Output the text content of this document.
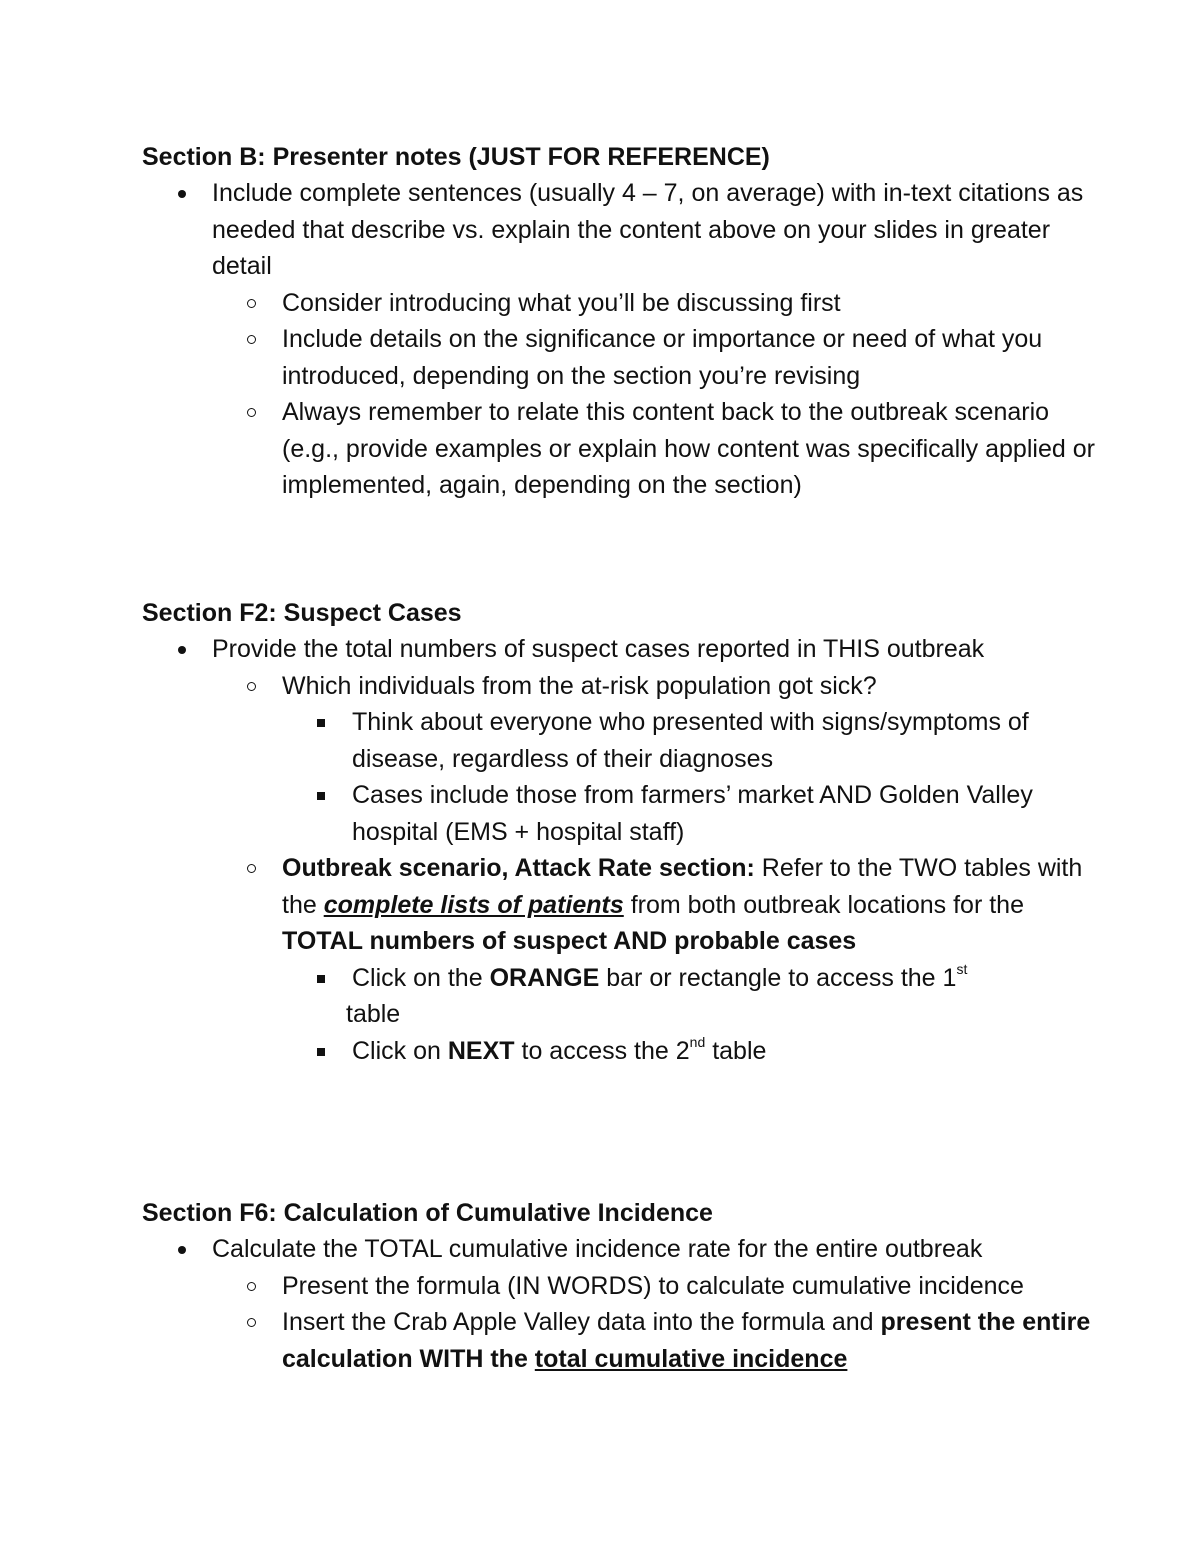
Section B: Presenter notes (JUST FOR REFERENCE)

Include complete sentences (usually 4 – 7, on average) with in-text citations as needed that describe vs. explain the content above on your slides in greater detail
Consider introducing what you’ll be discussing first
Include details on the significance or importance or need of what you introduced, depending on the section you’re revising
Always remember to relate this content back to the outbreak scenario (e.g., provide examples or explain how content was specifically applied or implemented, again, depending on the section)

Section F2: Suspect Cases

Provide the total numbers of suspect cases reported in THIS outbreak
Which individuals from the at-risk population got sick?
Think about everyone who presented with signs/symptoms of disease, regardless of their diagnoses
Cases include those from farmers’ market AND Golden Valley hospital (EMS + hospital staff)
Outbreak scenario, Attack Rate section: Refer to the TWO tables with the complete lists of patients from both outbreak locations for the TOTAL numbers of suspect AND probable cases
Click on the ORANGE bar or rectangle to access the 1st
table
Click on NEXT to access the 2nd table

Section F6: Calculation of Cumulative Incidence

Calculate the TOTAL cumulative incidence rate for the entire outbreak
Present the formula (IN WORDS) to calculate cumulative incidence
Insert the Crab Apple Valley data into the formula and present the entire calculation WITH the total cumulative incidence
